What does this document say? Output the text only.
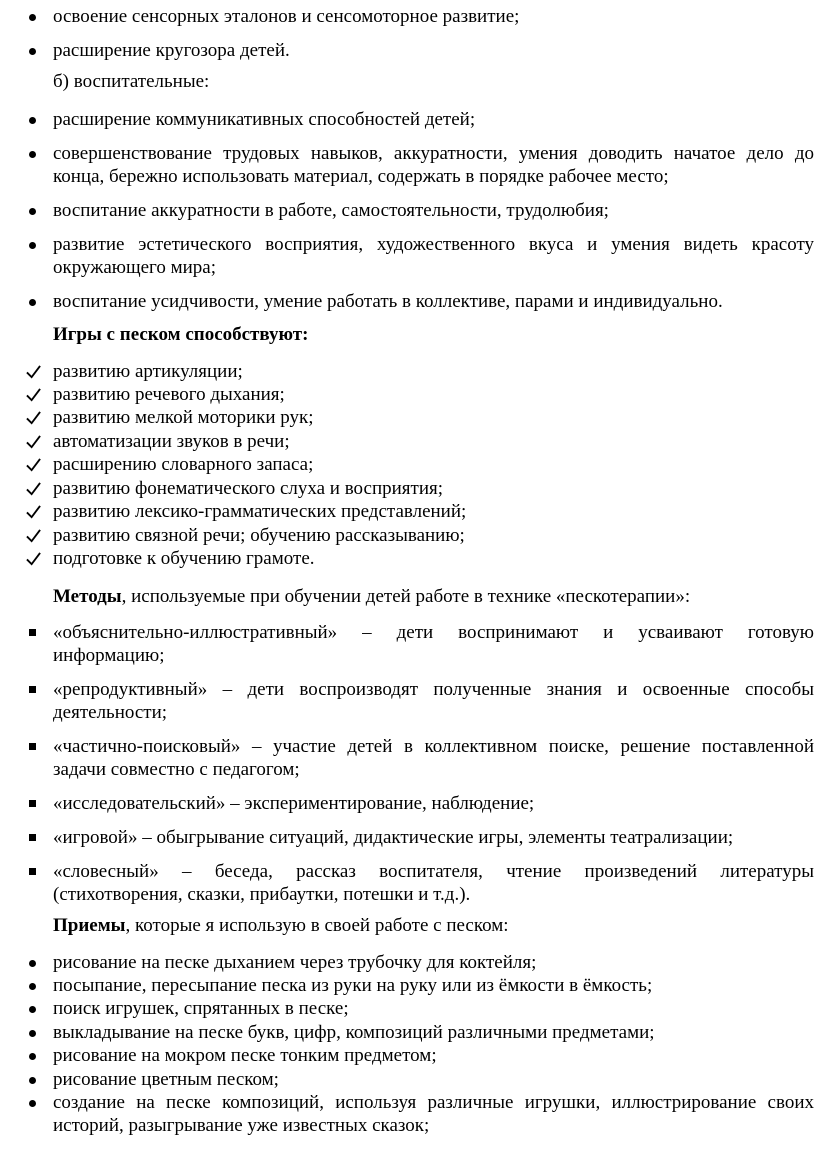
освоение сенсорных эталонов и сенсомоторное развитие;
расширение кругозора детей.
б) воспитательные:
расширение коммуникативных способностей детей;
совершенствование трудовых навыков, аккуратности, умения доводить начатое дело до
конца, бережно использовать материал, содержать в порядке рабочее место;
воспитание аккуратности в работе, самостоятельности, трудолюбия;
развитие эстетического восприятия, художественного вкуса и умения видеть красоту
окружающего мира;
воспитание усидчивости, умение работать в коллективе, парами и индивидуально.
Игры с песком способствуют:
развитию артикуляции;
развитию речевого дыхания;
развитию мелкой моторики рук;
автоматизации звуков в речи;
расширению словарного запаса;
развитию фонематического слуха и восприятия;
развитию лексико-грамматических представлений;
развитию связной речи; обучению рассказыванию;
подготовке к обучению грамоте.
Методы, используемые при обучении детей работе в технике «пескотерапии»:
«объяснительно-иллюстративный» – дети воспринимают и усваивают готовую
информацию;
«репродуктивный» – дети воспроизводят полученные знания и освоенные способы
деятельности;
«частично-поисковый» – участие детей в коллективном поиске, решение поставленной
задачи совместно с педагогом;
«исследовательский» – экспериментирование, наблюдение;
«игровой» – обыгрывание ситуаций, дидактические игры, элементы театрализации;
«словесный» – беседа, рассказ воспитателя, чтение произведений литературы
(стихотворения, сказки, прибаутки, потешки и т.д.).
Приемы, которые я использую в своей работе с песком:
рисование на песке дыханием через трубочку для коктейля;
посыпание, пересыпание песка из руки на руку или из ёмкости в ёмкость;
поиск игрушек, спрятанных в песке;
выкладывание на песке букв, цифр, композиций различными предметами;
рисование на мокром песке тонким предметом;
рисование цветным песком;
создание на песке композиций, используя различные игрушки, иллюстрирование своих
историй, разыгрывание уже известных сказок;
